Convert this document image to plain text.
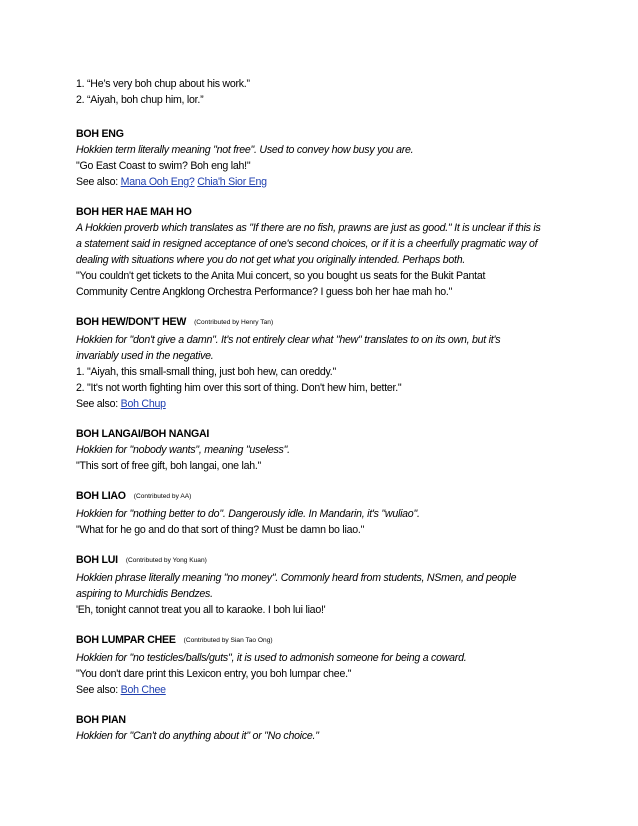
1. “He’s very boh chup about his work.”
2. “Aiyah, boh chup him, lor.”
BOH ENG
Hokkien term literally meaning "not free". Used to convey how busy you are.
"Go East Coast to swim? Boh eng lah!"
See also: Mana Ooh Eng? Chia'h Sior Eng
BOH HER HAE MAH HO
A Hokkien proverb which translates as "If there are no fish, prawns are just as good." It is unclear if this is
a statement said in resigned acceptance of one's second choices, or if it is a cheerfully pragmatic way of
dealing with situations where you do not get what you originally intended. Perhaps both.
"You couldn't get tickets to the Anita Mui concert, so you bought us seats for the Bukit Pantat
Community Centre Angklong Orchestra Performance? I guess boh her hae mah ho."
BOH HEW/DON'T HEW (Contributed by Henry Tan)
Hokkien for "don't give a damn". It's not entirely clear what "hew" translates to on its own, but it's
invariably used in the negative.
1. "Aiyah, this small-small thing, just boh hew, can oreddy."
2. "It's not worth fighting him over this sort of thing. Don't hew him, better."
See also: Boh Chup
BOH LANGAI/BOH NANGAI
Hokkien for "nobody wants", meaning "useless".
"This sort of free gift, boh langai, one lah."
BOH LIAO (Contributed by AA)
Hokkien for "nothing better to do". Dangerously idle. In Mandarin, it's "wuliao".
"What for he go and do that sort of thing? Must be damn bo liao."
BOH LUI (Contributed by Yong Kuan)
Hokkien phrase literally meaning "no money". Commonly heard from students, NSmen, and people
aspiring to Murchidis Bendzes.
'Eh, tonight cannot treat you all to karaoke. I boh lui liao!'
BOH LUMPAR CHEE (Contributed by Sian Tao Ong)
Hokkien for "no testicles/balls/guts", it is used to admonish someone for being a coward.
"You don't dare print this Lexicon entry, you boh lumpar chee."
See also: Boh Chee
BOH PIAN
Hokkien for "Can't do anything about it" or "No choice."
